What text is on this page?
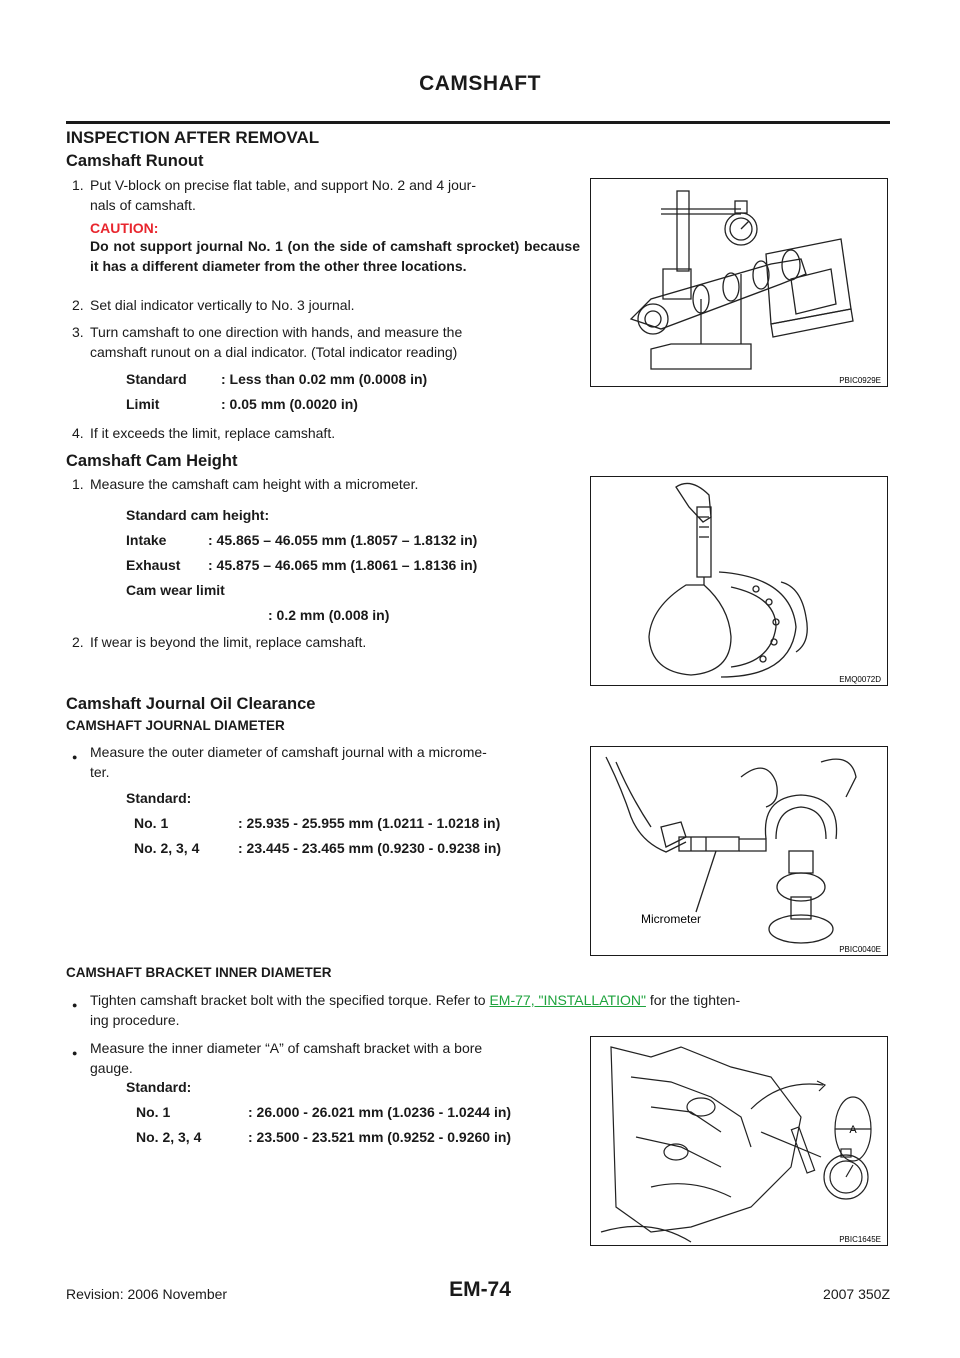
CAMSHAFT
INSPECTION AFTER REMOVAL
Camshaft Runout
1. Put V-block on precise flat table, and support No. 2 and 4 jour-
nals of camshaft.
CAUTION:
Do not support journal No. 1 (on the side of camshaft sprocket) because it has a different diameter from the other three locations.
2. Set dial indicator vertically to No. 3 journal.
3. Turn camshaft to one direction with hands, and measure the
camshaft runout on a dial indicator. (Total indicator reading)
Standard	: Less than 0.02 mm (0.0008 in)
Limit	: 0.05 mm (0.0020 in)
4. If it exceeds the limit, replace camshaft.
PBIC0929E
Camshaft Cam Height
1. Measure the camshaft cam height with a micrometer.
Standard cam height:
Intake	: 45.865 – 46.055 mm (1.8057 – 1.8132 in)
Exhaust	: 45.875 – 46.065 mm (1.8061 – 1.8136 in)
Cam wear limit
: 0.2 mm (0.008 in)
2. If wear is beyond the limit, replace camshaft.
EMQ0072D
Camshaft Journal Oil Clearance
CAMSHAFT JOURNAL DIAMETER
● Measure the outer diameter of camshaft journal with a microme-
ter.
Standard:
No. 1	: 25.935 - 25.955 mm (1.0211 - 1.0218 in)
No. 2, 3, 4	: 23.445 - 23.465 mm (0.9230 - 0.9238 in)
Micrometer
PBIC0040E
CAMSHAFT BRACKET INNER DIAMETER
● Tighten camshaft bracket bolt with the specified torque. Refer to EM-77, "INSTALLATION" for the tighten-
ing procedure.
● Measure the inner diameter “A” of camshaft bracket with a bore
gauge.
Standard:
No. 1	: 26.000 - 26.021 mm (1.0236 - 1.0244 in)
No. 2, 3, 4	: 23.500 - 23.521 mm (0.9252 - 0.9260 in)	A
PBIC1645E
EM-74
Revision: 2006 November	2007 350Z
